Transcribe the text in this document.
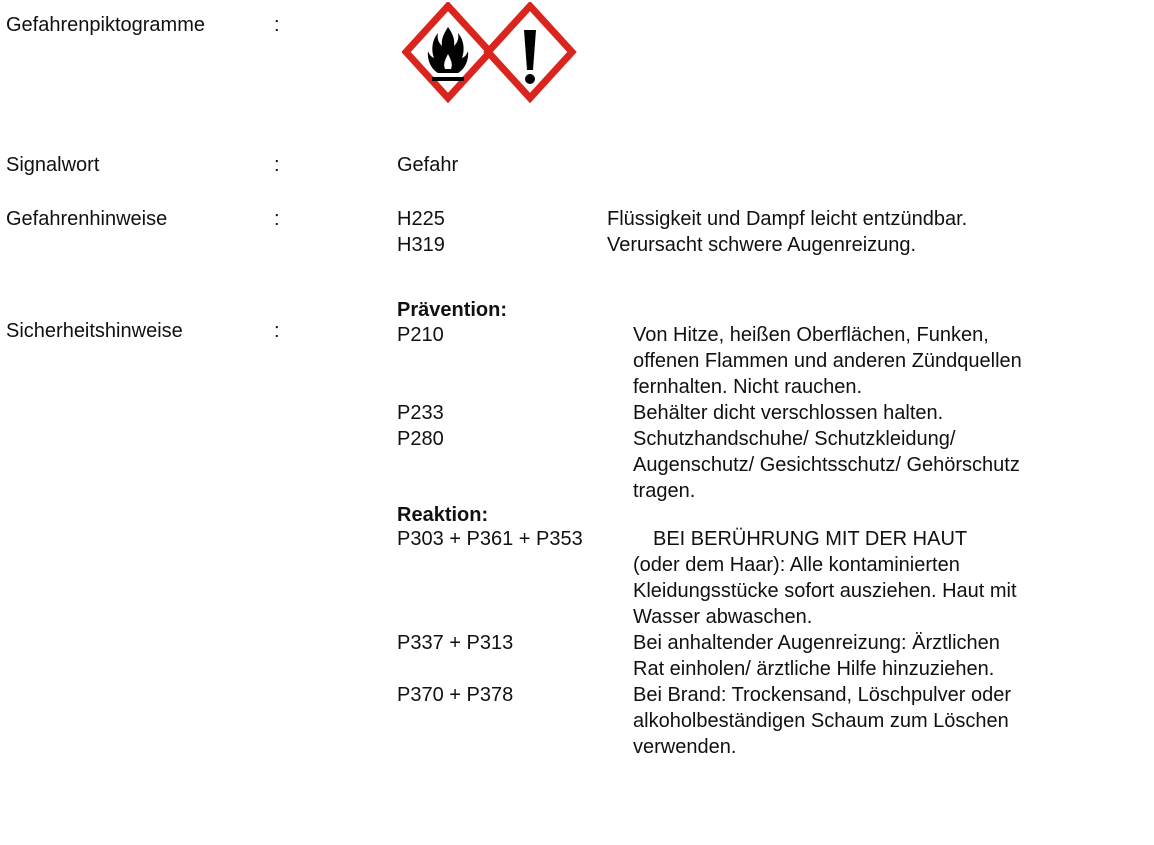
Gefahrenpiktogramme	:
Signalwort	:	Gefahr
Gefahrenhinweise	:	H225	Flüssigkeit und Dampf leicht entzündbar.
H319	Verursacht schwere Augenreizung.
Sicherheitshinweise	:
Prävention:
P210	Von Hitze, heißen Oberflächen, Funken,
offenen Flammen und anderen Zündquellen
fernhalten. Nicht rauchen.
P233	Behälter dicht verschlossen halten.
P280	Schutzhandschuhe/ Schutzkleidung/
Augenschutz/ Gesichtsschutz/ Gehörschutz
tragen.
Reaktion:
P303 + P361 + P353	BEI BERÜHRUNG MIT DER HAUT
(oder dem Haar): Alle kontaminierten
Kleidungsstücke sofort ausziehen. Haut mit
Wasser abwaschen.
P337 + P313	Bei anhaltender Augenreizung: Ärztlichen
Rat einholen/ ärztliche Hilfe hinzuziehen.
P370 + P378	Bei Brand: Trockensand, Löschpulver oder
alkoholbeständigen Schaum zum Löschen
verwenden.
